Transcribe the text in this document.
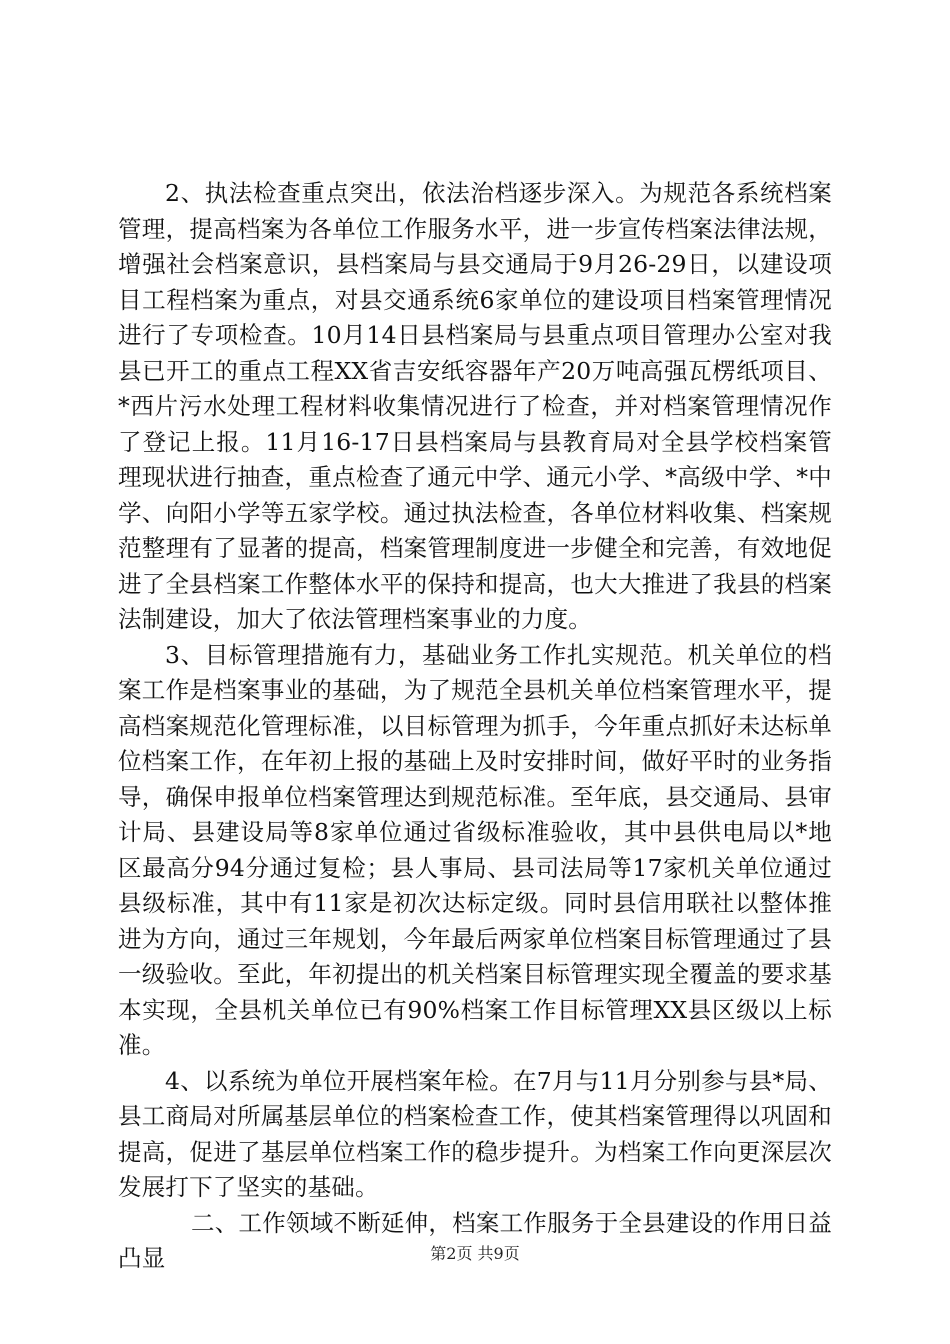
2、执法检查重点突出，依法治档逐步深入。为规范各系统档案管理，提高档案为各单位工作服务水平，进一步宣传档案法律法规，增强社会档案意识，县档案局与县交通局于9月26-29日，以建设项目工程档案为重点，对县交通系统6家单位的建设项目档案管理情况进行了专项检查。10月14日县档案局与县重点项目管理办公室对我县已开工的重点工程XX省吉安纸容器年产20万吨高强瓦楞纸项目、*西片污水处理工程材料收集情况进行了检查，并对档案管理情况作了登记上报。11月16-17日县档案局与县教育局对全县学校档案管理现状进行抽查，重点检查了通元中学、通元小学、*高级中学、*中学、向阳小学等五家学校。通过执法检查，各单位材料收集、档案规范整理有了显著的提高，档案管理制度进一步健全和完善，有效地促进了全县档案工作整体水平的保持和提高，也大大推进了我县的档案法制建设，加大了依法管理档案事业的力度。

3、目标管理措施有力，基础业务工作扎实规范。机关单位的档案工作是档案事业的基础，为了规范全县机关单位档案管理水平，提高档案规范化管理标准，以目标管理为抓手，今年重点抓好未达标单位档案工作，在年初上报的基础上及时安排时间，做好平时的业务指导，确保申报单位档案管理达到规范标准。至年底，县交通局、县审计局、县建设局等8家单位通过省级标准验收，其中县供电局以*地区最高分94分通过复检；县人事局、县司法局等17家机关单位通过县级标准，其中有11家是初次达标定级。同时县信用联社以整体推进为方向，通过三年规划，今年最后两家单位档案目标管理通过了县一级验收。至此，年初提出的机关档案目标管理实现全覆盖的要求基本实现，全县机关单位已有90%档案工作目标管理XX县区级以上标准。

4、以系统为单位开展档案年检。在7月与11月分别参与县*局、县工商局对所属基层单位的档案检查工作，使其档案管理得以巩固和提高，促进了基层单位档案工作的稳步提升。为档案工作向更深层次发展打下了坚实的基础。

二、工作领域不断延伸，档案工作服务于全县建设的作用日益凸显	第2页 共9页
